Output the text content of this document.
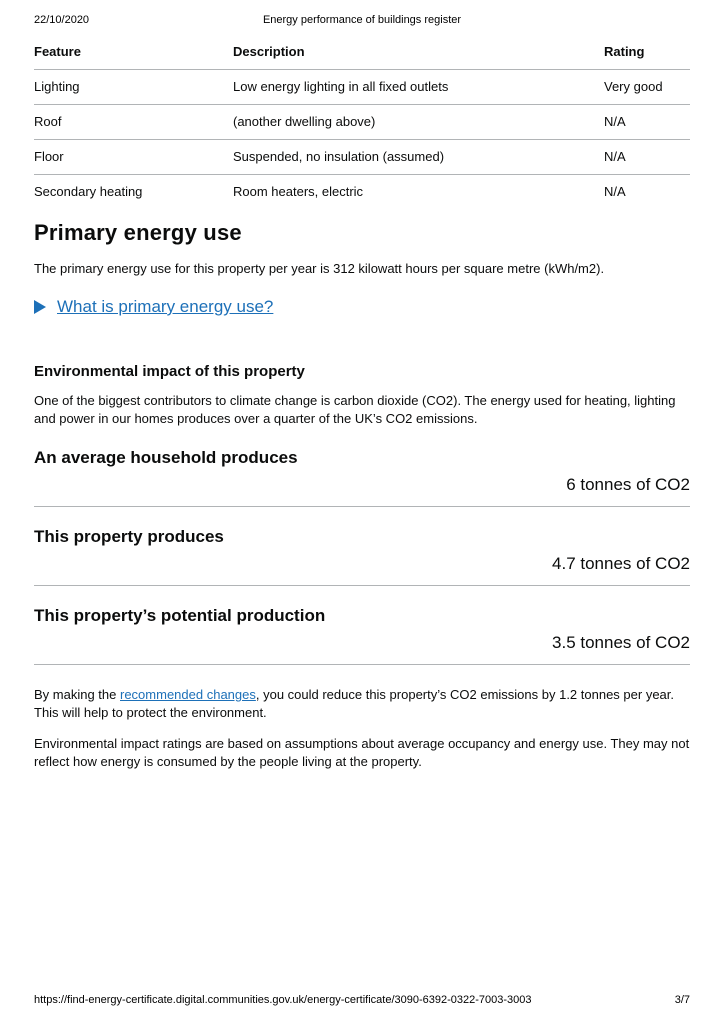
22/10/2020	Energy performance of buildings register
Feature	Description	Rating
Lighting	Low energy lighting in all fixed outlets	Very good
Roof	(another dwelling above)	N/A
Floor	Suspended, no insulation (assumed)	N/A
Secondary heating	Room heaters, electric	N/A
Primary energy use

The primary energy use for this property per year is 312 kilowatt hours per square metre (kWh/m2).

What is primary energy use?
Environmental impact of this property

One of the biggest contributors to climate change is carbon dioxide (CO2). The energy used for heating, lighting and power in our homes produces over a quarter of the UK’s CO2 emissions.

An average household produces
6 tonnes of CO2
This property produces
4.7 tonnes of CO2
This property’s potential production
3.5 tonnes of CO2

By making the recommended changes, you could reduce this property’s CO2 emissions by 1.2 tonnes per year. This will help to protect the environment.

Environmental impact ratings are based on assumptions about average occupancy and energy use. They may not reflect how energy is consumed by the people living at the property.

https://find-energy-certificate.digital.communities.gov.uk/energy-certificate/3090-6392-0322-7003-3003	3/7
